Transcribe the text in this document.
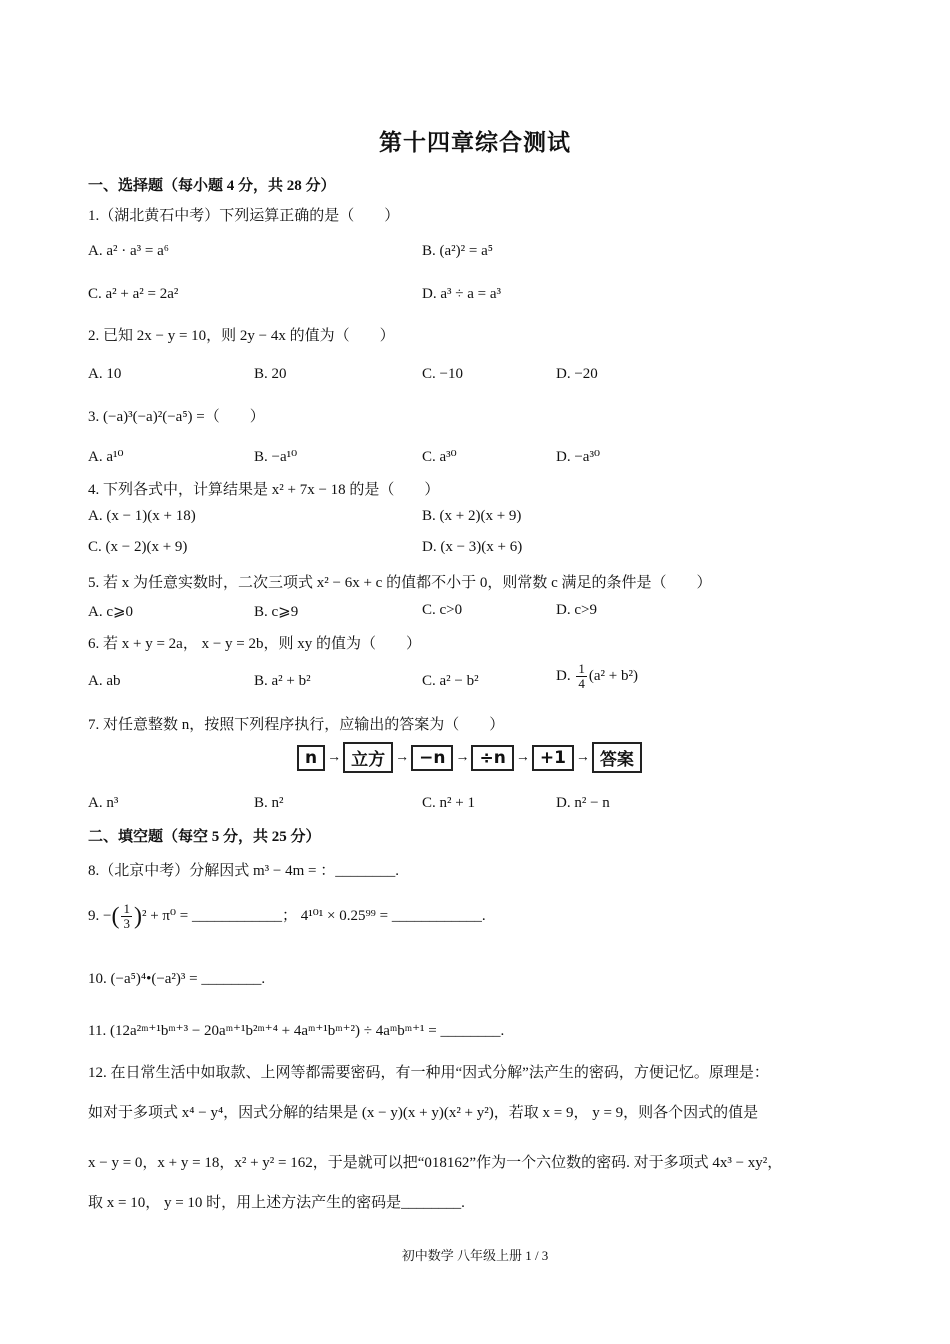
第十四章综合测试
一、选择题（每小题 4 分，共 28 分）
1.（湖北黄石中考）下列运算正确的是（　　）
A. a² · a³ = a⁶	B. (a²)² = a⁵
C. a² + a² = 2a²	D. a³ ÷ a = a³
2. 已知 2x − y = 10，则 2y − 4x 的值为（　　）
A. 10	B. 20	C. −10	D. −20
3. (−a)³(−a)²(−a⁵) =（　　）
A. a¹⁰	B. −a¹⁰	C. a³⁰	D. −a³⁰
4. 下列各式中，计算结果是 x² + 7x − 18 的是（　　）
A. (x − 1)(x + 18)	B. (x + 2)(x + 9)
C. (x − 2)(x + 9)	D. (x − 3)(x + 6)
5. 若 x 为任意实数时，二次三项式 x² − 6x + c 的值都不小于 0，则常数 c 满足的条件是（　　）
A. c⩾0	B. c⩾9	C. c>0	D. c>9
6. 若 x + y = 2a， x − y = 2b，则 xy 的值为（　　）
A. ab	B. a² + b²	C. a² − b²	D. $\frac{1}{4} (a^2 + b^2)$
7. 对任意整数 n，按照下列程序执行，应输出的答案为（　　）
n → 立方 → −n → ÷n → +1 → 答案
A. n³	B. n²	C. n² + 1	D. n² − n
二、填空题（每空 5 分，共 25 分）
8.（北京中考）分解因式 m³ − 4m = ：________.
9. −( $\frac{1}{3} )^2 + \pi^0$ = ____________； 4¹⁰¹ × 0.25⁹⁹ = ____________.
10. (−a⁵)⁴•(−a²)³ = ________.
11. (12a²ᵐ⁺¹bᵐ⁺³ − 20aᵐ⁺¹b²ᵐ⁺⁴ + 4aᵐ⁺¹bᵐ⁺²) ÷ 4aᵐbᵐ⁺¹ = ________.
12. 在日常生活中如取款、上网等都需要密码，有一种用“因式分解”法产生的密码，方便记忆。原理是：
如对于多项式 x⁴ − y⁴，因式分解的结果是 (x − y)(x + y)(x² + y²)，若取 x = 9， y = 9，则各个因式的值是
x − y = 0，x + y = 18，x² + y² = 162，于是就可以把“018162”作为一个六位数的密码. 对于多项式 4x³ − xy²，
取 x = 10， y = 10 时，用上述方法产生的密码是________.
初中数学 八年级上册 1 / 3
